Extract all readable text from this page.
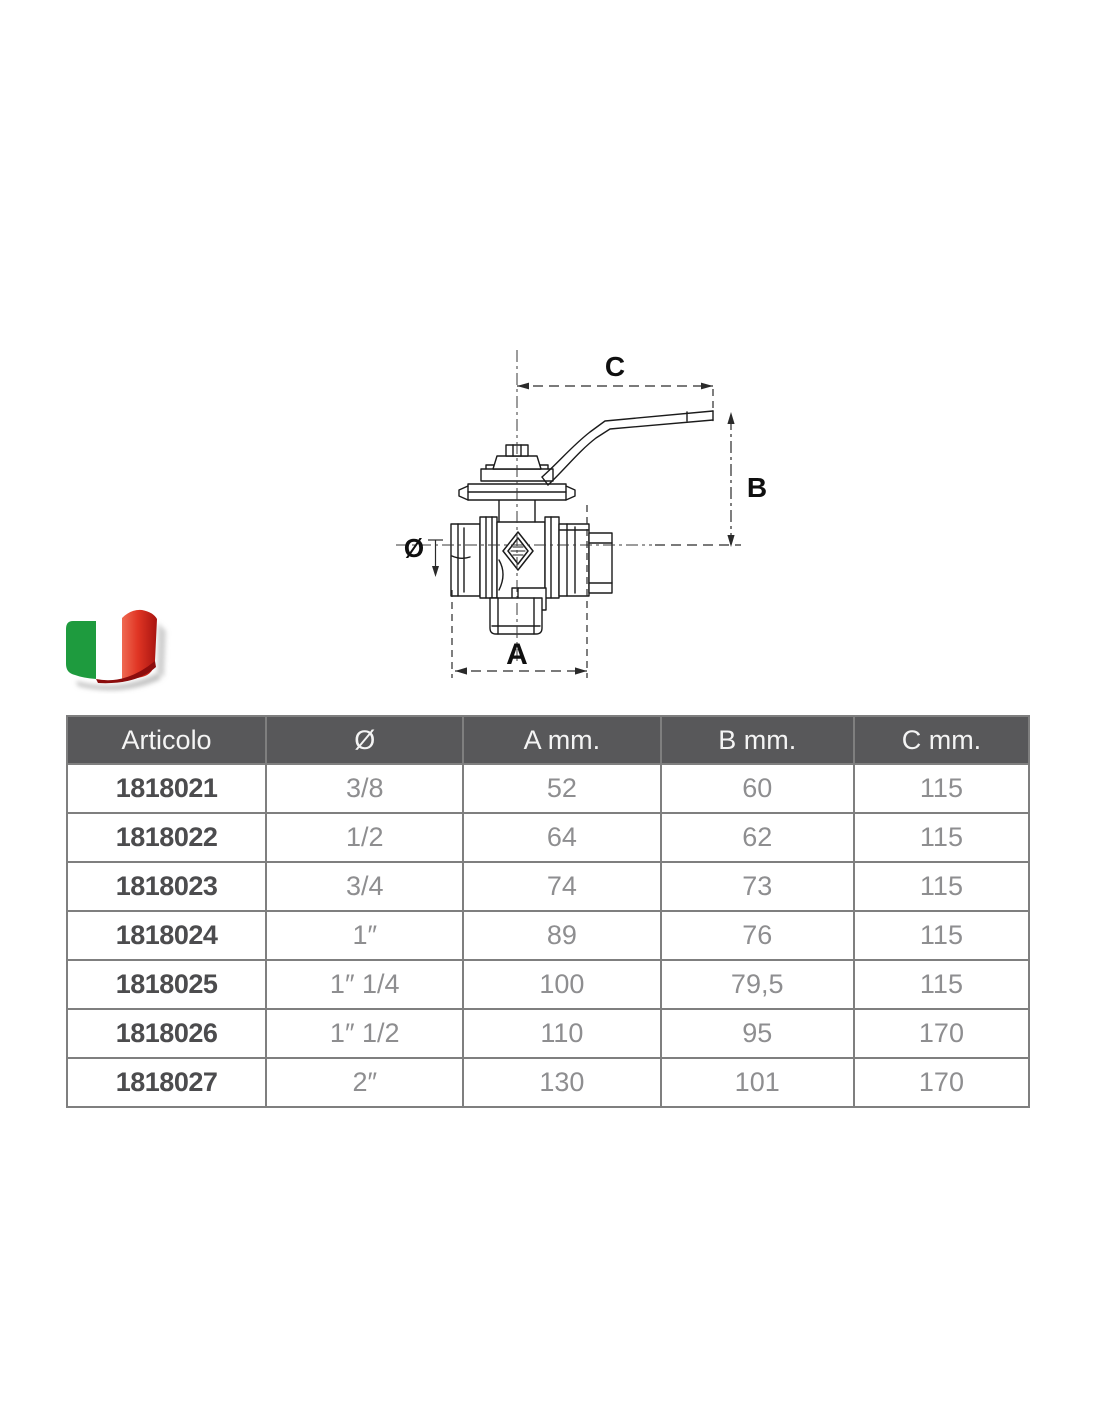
C
B
Ø
A
Articolo	Ø	A mm.	B mm.	C mm.
1818021	3/8	52	60	115
1818022	1/2	64	62	115
1818023	3/4	74	73	115
1818024	1″	89	76	115
1818025	1″ 1/4	100	79,5	115
1818026	1″ 1/2	110	95	170
1818027	2″	130	101	170
